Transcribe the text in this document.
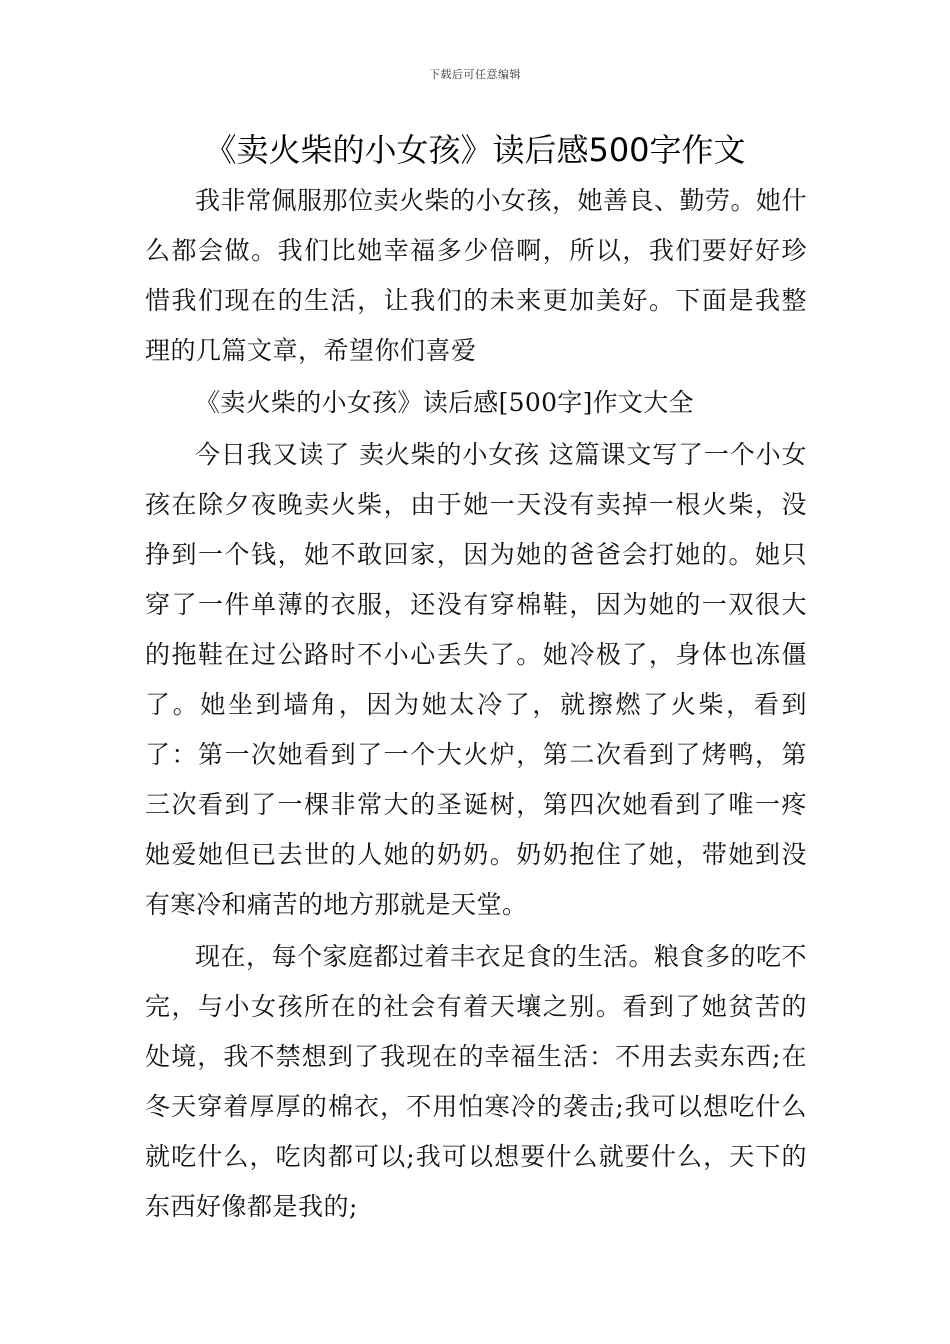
下载后可任意编辑
《卖火柴的小女孩》读后感500字作文

我非常佩服那位卖火柴的小女孩，她善良、勤劳。她什么都会做。我们比她幸福多少倍啊，所以，我们要好好珍惜我们现在的生活，让我们的未来更加美好。下面是我整理的几篇文章，希望你们喜爱

《卖火柴的小女孩》读后感[500字]作文大全

今日我又读了 卖火柴的小女孩 这篇课文写了一个小女孩在除夕夜晚卖火柴，由于她一天没有卖掉一根火柴，没挣到一个钱，她不敢回家，因为她的爸爸会打她的。她只穿了一件单薄的衣服，还没有穿棉鞋，因为她的一双很大的拖鞋在过公路时不小心丢失了。她冷极了，身体也冻僵了。她坐到墙角，因为她太冷了，就擦燃了火柴，看到了：第一次她看到了一个大火炉，第二次看到了烤鸭，第三次看到了一棵非常大的圣诞树，第四次她看到了唯一疼她爱她但已去世的人她的奶奶。奶奶抱住了她，带她到没有寒冷和痛苦的地方那就是天堂。

现在，每个家庭都过着丰衣足食的生活。粮食多的吃不完，与小女孩所在的社会有着天壤之别。看到了她贫苦的处境，我不禁想到了我现在的幸福生活：不用去卖东西;在冬天穿着厚厚的棉衣，不用怕寒冷的袭击;我可以想吃什么就吃什么，吃肉都可以;我可以想要什么就要什么，天下的东西好像都是我的;
